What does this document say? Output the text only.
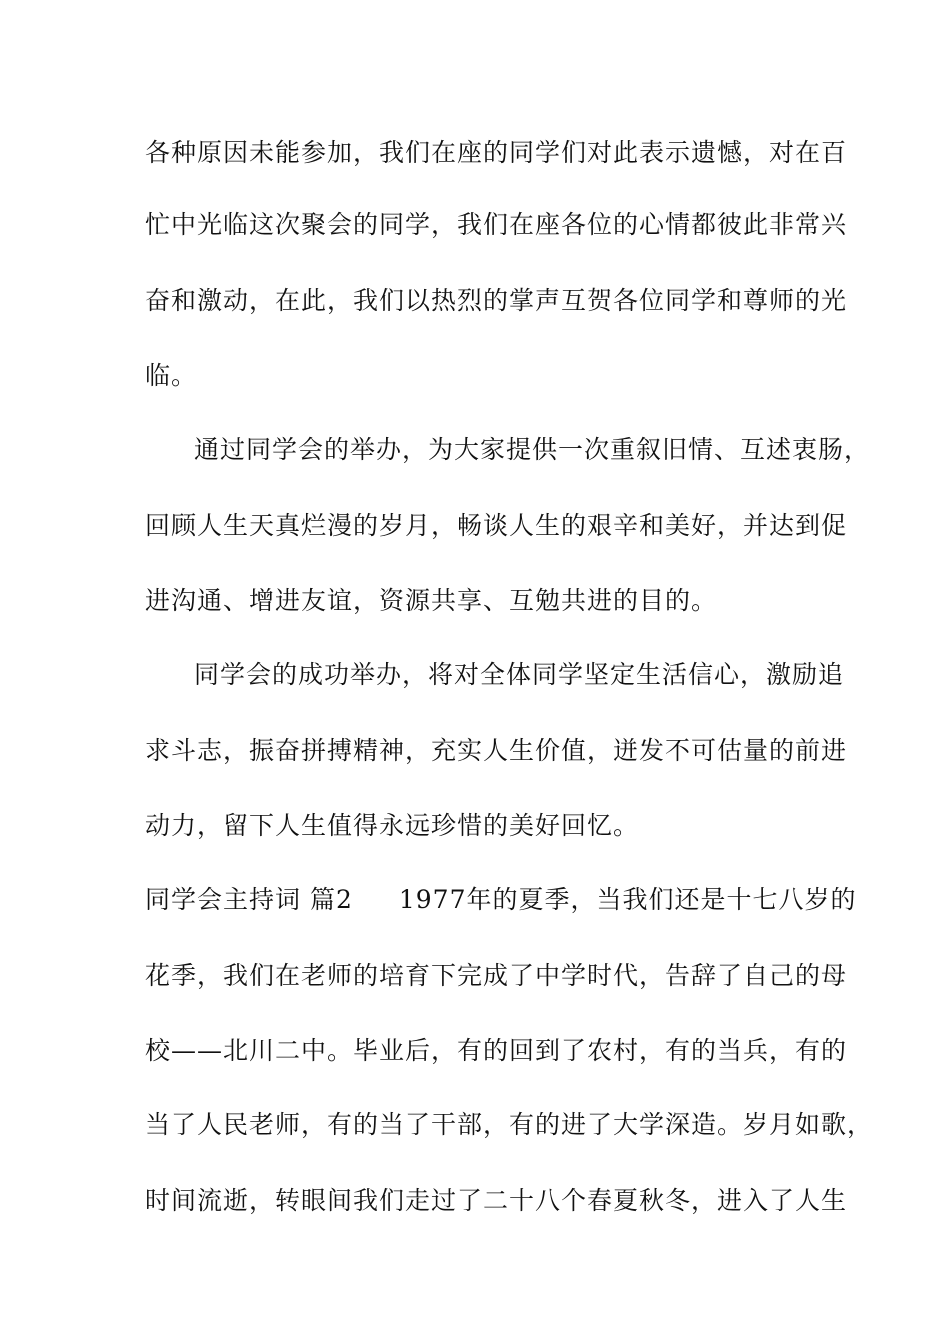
各种原因未能参加，我们在座的同学们对此表示遗憾，对在百
忙中光临这次聚会的同学，我们在座各位的心情都彼此非常兴
奋和激动，在此，我们以热烈的掌声互贺各位同学和尊师的光
临。
通过同学会的举办，为大家提供一次重叙旧情、互述衷肠，
回顾人生天真烂漫的岁月，畅谈人生的艰辛和美好，并达到促
进沟通、增进友谊，资源共享、互勉共进的目的。
同学会的成功举办，将对全体同学坚定生活信心，激励追
求斗志，振奋拼搏精神，充实人生价值，迸发不可估量的前进
动力，留下人生值得永远珍惜的美好回忆。
同学会主持词 篇2 1977年的夏季，当我们还是十七八岁的
花季，我们在老师的培育下完成了中学时代，告辞了自己的母
校——北川二中。毕业后，有的回到了农村，有的当兵，有的
当了人民老师，有的当了干部，有的进了大学深造。岁月如歌，
时间流逝，转眼间我们走过了二十八个春夏秋冬，进入了人生
